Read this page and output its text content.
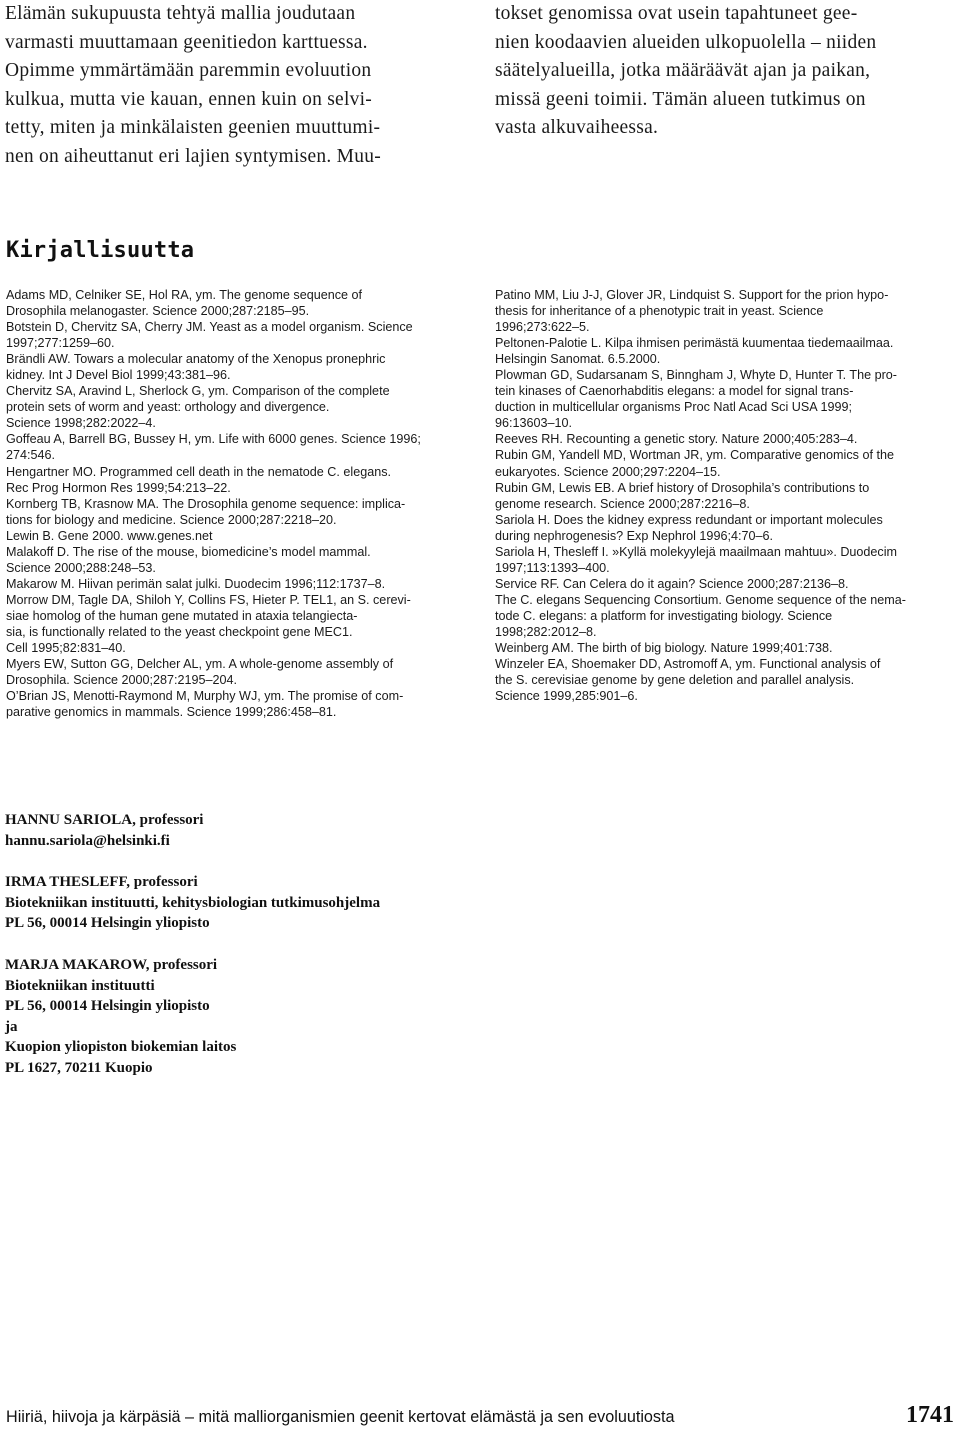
Elämän sukupuusta tehtyä mallia joudutaan
varmasti muuttamaan geenitiedon karttuessa.
Opimme ymmärtämään paremmin evoluution
kulkua, mutta vie kauan, ennen kuin on selvi-
tetty, miten ja minkälaisten geenien muuttumi-
nen on aiheuttanut eri lajien syntymisen. Muu-
tokset genomissa ovat usein tapahtuneet gee-
nien koodaavien alueiden ulkopuolella – niiden
säätelyalueilla, jotka määräävät ajan ja paikan,
missä geeni toimii. Tämän alueen tutkimus on
vasta alkuvaiheessa.
Kirjallisuutta
Adams MD, Celniker SE, Hol RA, ym. The genome sequence of
Drosophila melanogaster. Science 2000;287:2185–95.
Botstein D, Chervitz SA, Cherry JM. Yeast as a model organism. Science
1997;277:1259–60.
Brändli AW. Towars a molecular anatomy of the Xenopus pronephric
kidney. Int J Devel Biol 1999;43:381–96.
Chervitz SA, Aravind L, Sherlock G, ym. Comparison of the complete
protein sets of worm and yeast: orthology and divergence.
Science 1998;282:2022–4.
Goffeau A, Barrell BG, Bussey H, ym. Life with 6000 genes. Science 1996;
274:546.
Hengartner MO. Programmed cell death in the nematode C. elegans.
Rec Prog Hormon Res 1999;54:213–22.
Kornberg TB, Krasnow MA. The Drosophila genome sequence: implica-
tions for biology and medicine. Science 2000;287:2218–20.
Lewin B. Gene 2000. www.genes.net
Malakoff D. The rise of the mouse, biomedicine’s model mammal.
Science 2000;288:248–53.
Makarow M. Hiivan perimän salat julki. Duodecim 1996;112:1737–8.
Morrow DM, Tagle DA, Shiloh Y, Collins FS, Hieter P. TEL1, an S. cerevi-
siae homolog of the human gene mutated in ataxia telangiecta-
sia, is functionally related to the yeast checkpoint gene MEC1.
Cell 1995;82:831–40.
Myers EW, Sutton GG, Delcher AL, ym. A whole-genome assembly of
Drosophila. Science 2000;287:2195–204.
O’Brian JS, Menotti-Raymond M, Murphy WJ, ym. The promise of com-
parative genomics in mammals. Science 1999;286:458–81.
Patino MM, Liu J-J, Glover JR, Lindquist S. Support for the prion hypo-
thesis for inheritance of a phenotypic trait in yeast. Science
1996;273:622–5.
Peltonen-Palotie L. Kilpa ihmisen perimästä kuumentaa tiedemaailmaa.
Helsingin Sanomat. 6.5.2000.
Plowman GD, Sudarsanam S, Binngham J, Whyte D, Hunter T. The pro-
tein kinases of Caenorhabditis elegans: a model for signal trans-
duction in multicellular organisms Proc Natl Acad Sci USA 1999;
96:13603–10.
Reeves RH. Recounting a genetic story. Nature 2000;405:283–4.
Rubin GM, Yandell MD, Wortman JR, ym. Comparative genomics of the
eukaryotes. Science 2000;297:2204–15.
Rubin GM, Lewis EB. A brief history of Drosophila’s contributions to
genome research. Science 2000;287:2216–8.
Sariola H. Does the kidney express redundant or important molecules
during nephrogenesis? Exp Nephrol 1996;4:70–6.
Sariola H, Thesleff I. »Kyllä molekyylejä maailmaan mahtuu». Duodecim
1997;113:1393–400.
Service RF. Can Celera do it again? Science 2000;287:2136–8.
The C. elegans Sequencing Consortium. Genome sequence of the nema-
tode C. elegans: a platform for investigating biology. Science
1998;282:2012–8.
Weinberg AM. The birth of big biology. Nature 1999;401:738.
Winzeler EA, Shoemaker DD, Astromoff A, ym. Functional analysis of
the S. cerevisiae genome by gene deletion and parallel analysis.
Science 1999,285:901–6.
HANNU SARIOLA, professori
hannu.sariola@helsinki.fi
IRMA THESLEFF, professori
Biotekniikan instituutti, kehitysbiologian tutkimusohjelma
PL 56, 00014 Helsingin yliopisto
MARJA MAKAROW, professori
Biotekniikan instituutti
PL 56, 00014 Helsingin yliopisto
ja
Kuopion yliopiston biokemian laitos
PL 1627, 70211 Kuopio
Hiiriä, hiivoja ja kärpäsiä – mitä malliorganismien geenit kertovat elämästä ja sen evoluutiosta	1741
